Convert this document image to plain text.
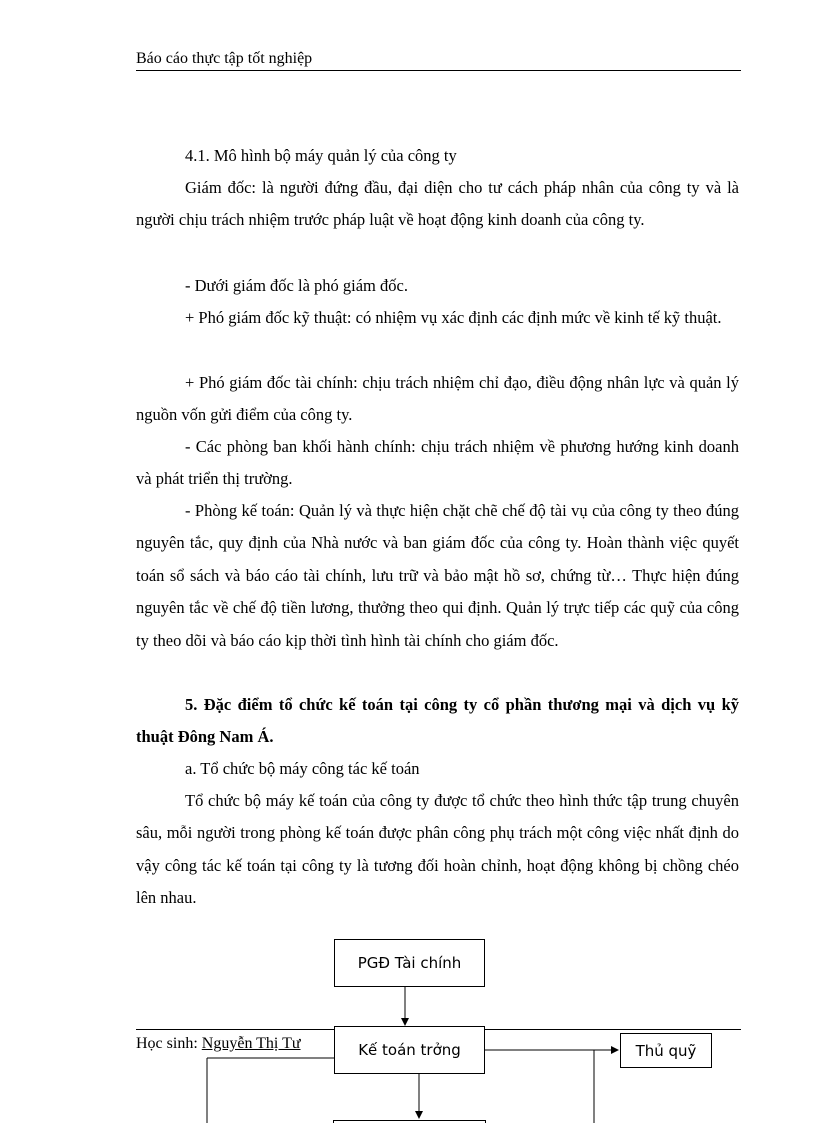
Báo cáo thực tập tốt nghiệp

4.1. Mô hình bộ máy quản lý của công ty

Giám đốc: là người đứng đầu, đại diện cho tư cách pháp nhân của công ty và là người chịu trách nhiệm trước pháp luật về hoạt động kinh doanh của công ty.

- Dưới giám đốc là phó giám đốc.

+ Phó giám đốc kỹ thuật: có nhiệm vụ xác định các định mức về kinh tế kỹ thuật.

+ Phó giám đốc tài chính: chịu trách nhiệm chỉ đạo, điều động nhân lực và quản lý nguồn vốn gửi điểm của công ty.

- Các phòng ban khối hành chính: chịu trách nhiệm về phương hướng kinh doanh và phát triển thị trường.

- Phòng kế toán: Quản lý và thực hiện chặt chẽ chế độ tài vụ của công ty theo đúng nguyên tắc, quy định của Nhà nước và ban giám đốc của công ty. Hoàn thành việc quyết toán sổ sách và báo cáo tài chính, lưu trữ và bảo mật hồ sơ, chứng từ… Thực hiện đúng nguyên tắc về chế độ tiền lương, thưởng theo qui định. Quản lý trực tiếp các quỹ của công ty theo dõi và báo cáo kịp thời tình hình tài chính cho giám đốc.

5. Đặc điểm tổ chức kế toán tại công ty cổ phần thương mại và dịch vụ kỹ thuật Đông Nam Á.

a. Tổ chức bộ máy công tác kế toán

Tổ chức bộ máy kế toán của công ty được tổ chức theo hình thức tập trung chuyên sâu, mỗi người trong phòng kế toán được phân công phụ trách một công việc nhất định do vậy công tác kế toán tại công ty là tương đối hoàn chỉnh, hoạt động không bị chồng chéo lên nhau.

Học sinh: Nguyễn Thị Tư
PGĐ Tài chính
Kế toán trởng	Thủ quỹ
